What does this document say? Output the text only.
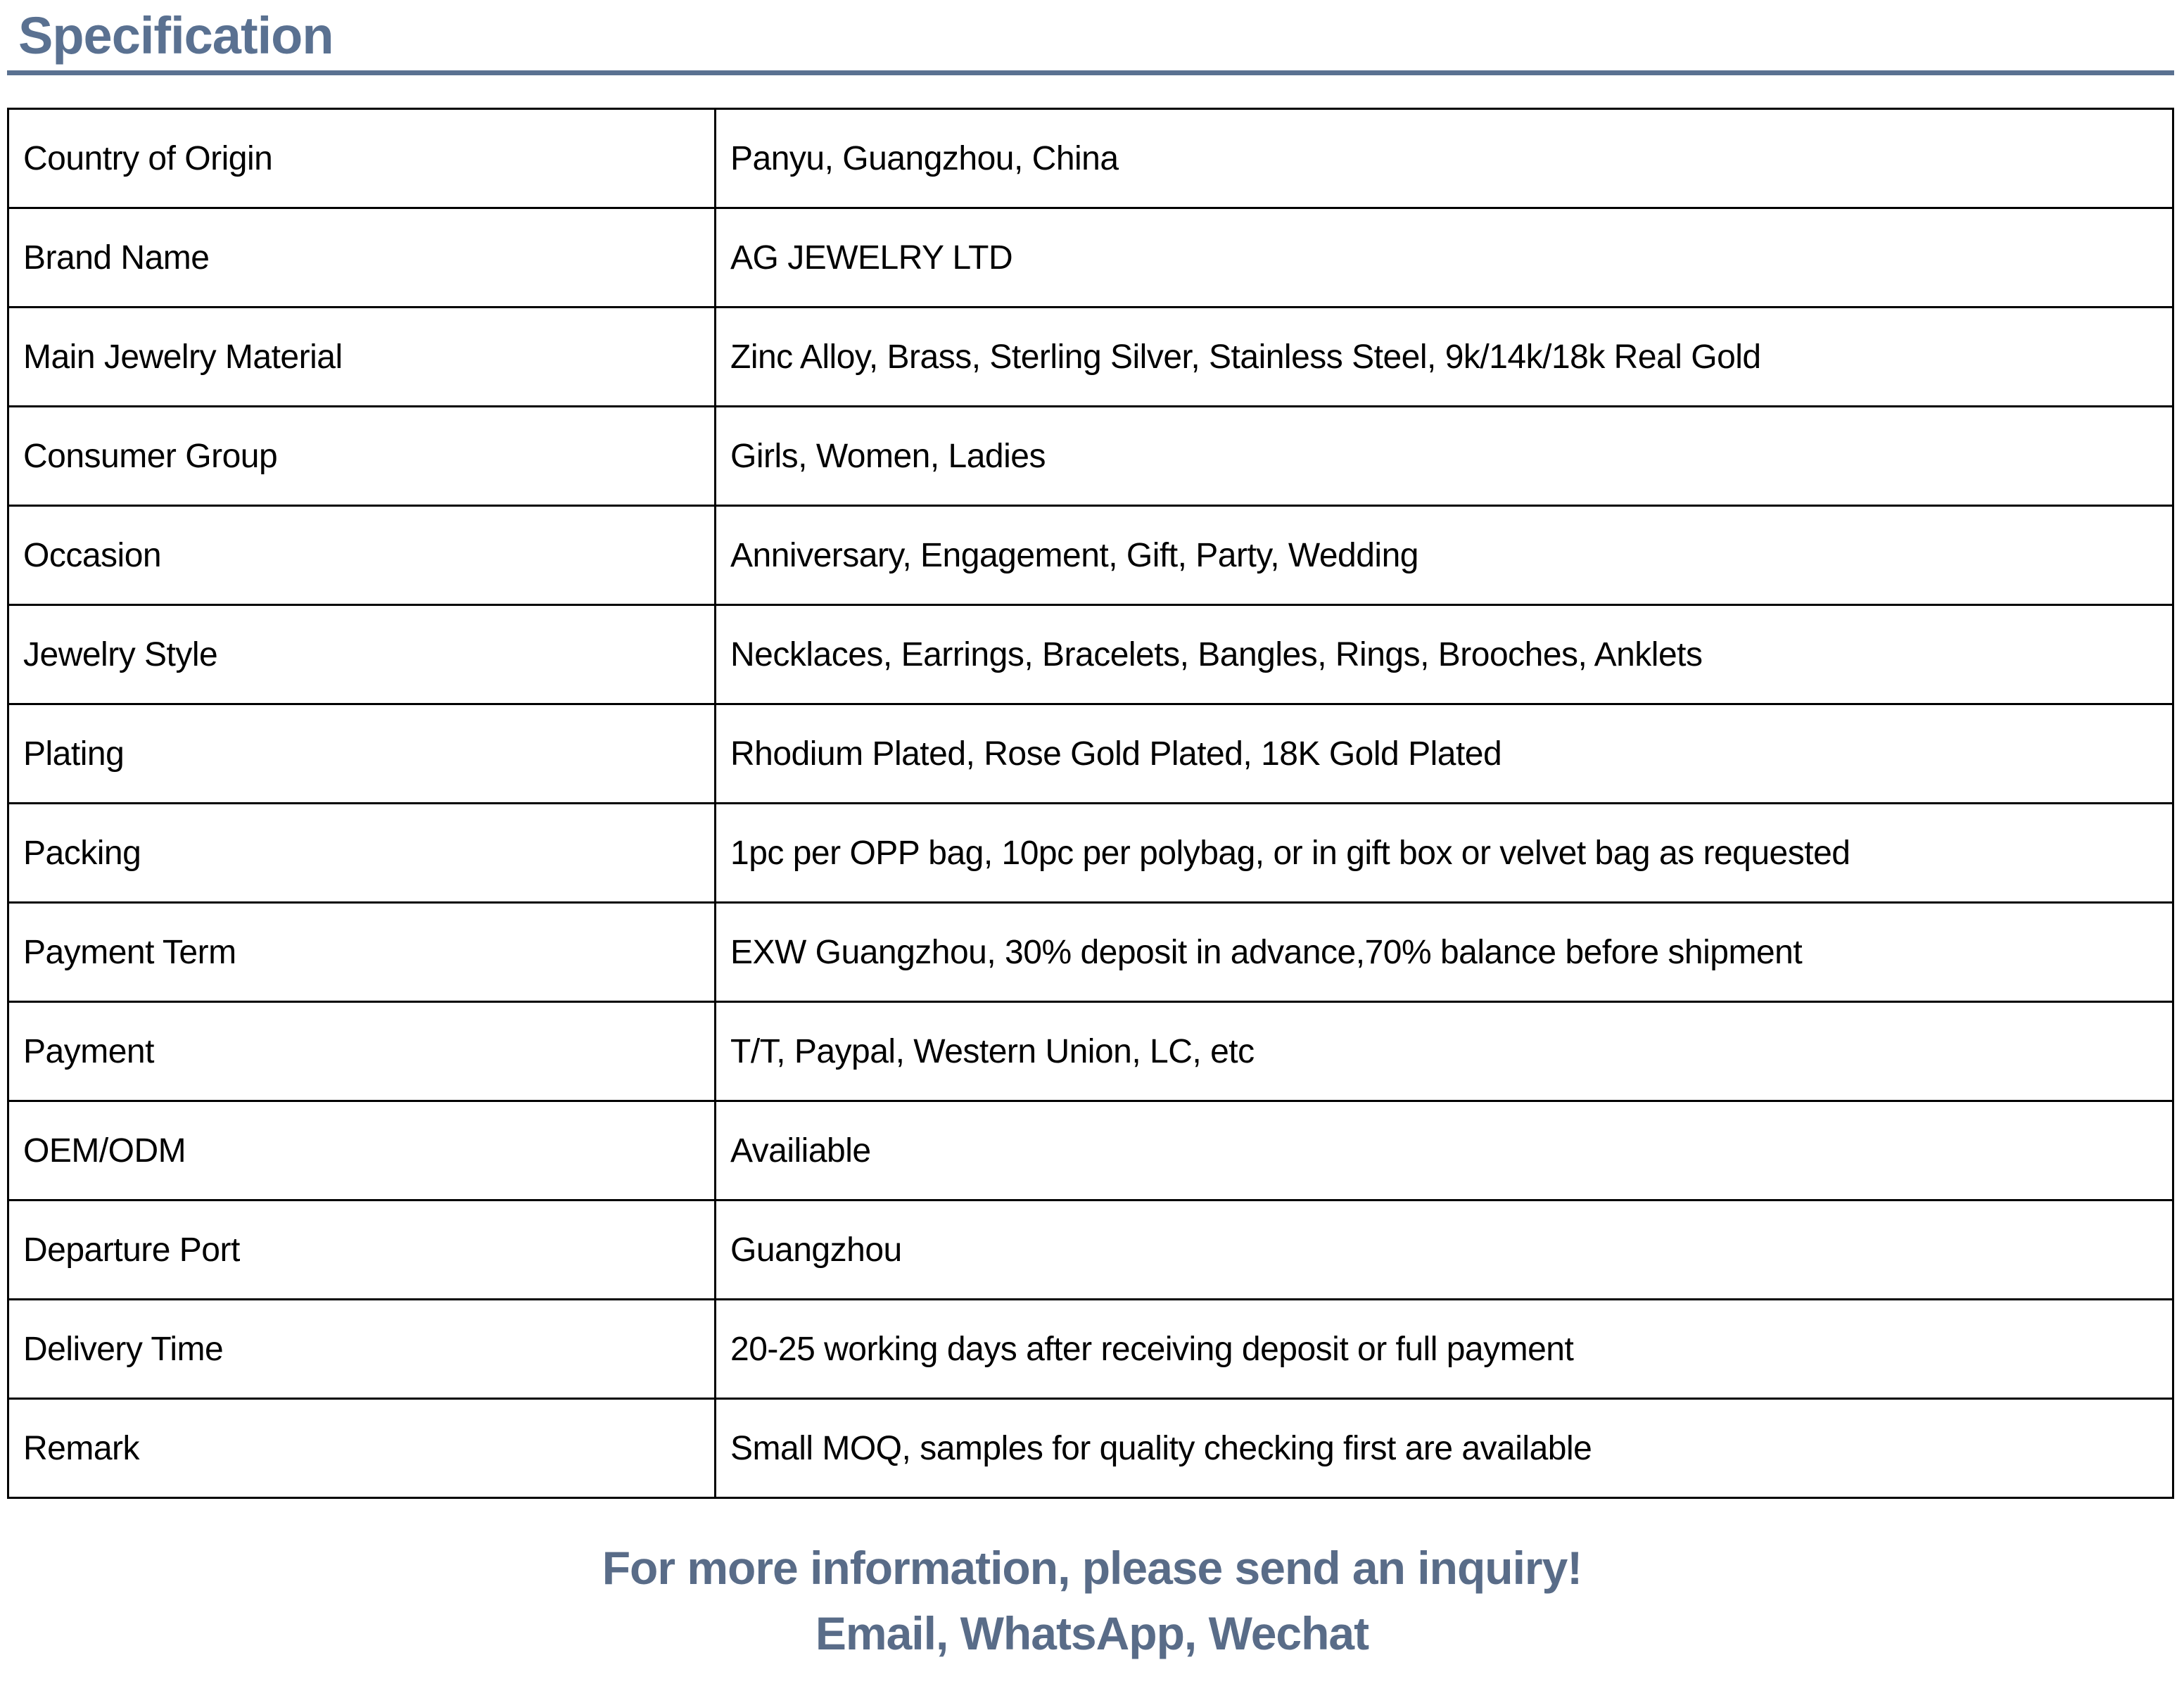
Specification
Country of Origin	Panyu, Guangzhou, China
Brand Name	AG JEWELRY LTD
Main Jewelry Material	Zinc Alloy, Brass, Sterling Silver, Stainless Steel, 9k/14k/18k Real Gold
Consumer Group	Girls, Women, Ladies
Occasion	Anniversary, Engagement, Gift, Party, Wedding
Jewelry Style	Necklaces, Earrings, Bracelets, Bangles, Rings, Brooches, Anklets
Plating	Rhodium Plated, Rose Gold Plated, 18K Gold Plated
Packing	1pc per OPP bag, 10pc per polybag, or in gift box or velvet bag as requested
Payment Term	EXW Guangzhou, 30% deposit in advance,70% balance before shipment
Payment	T/T, Paypal, Western Union, LC, etc
OEM/ODM	Availiable
Departure Port	Guangzhou
Delivery Time	20-25 working days after receiving deposit or full payment
Remark	Small MOQ, samples for quality checking first are available
For more information, please send an inquiry!
Email, WhatsApp, Wechat
